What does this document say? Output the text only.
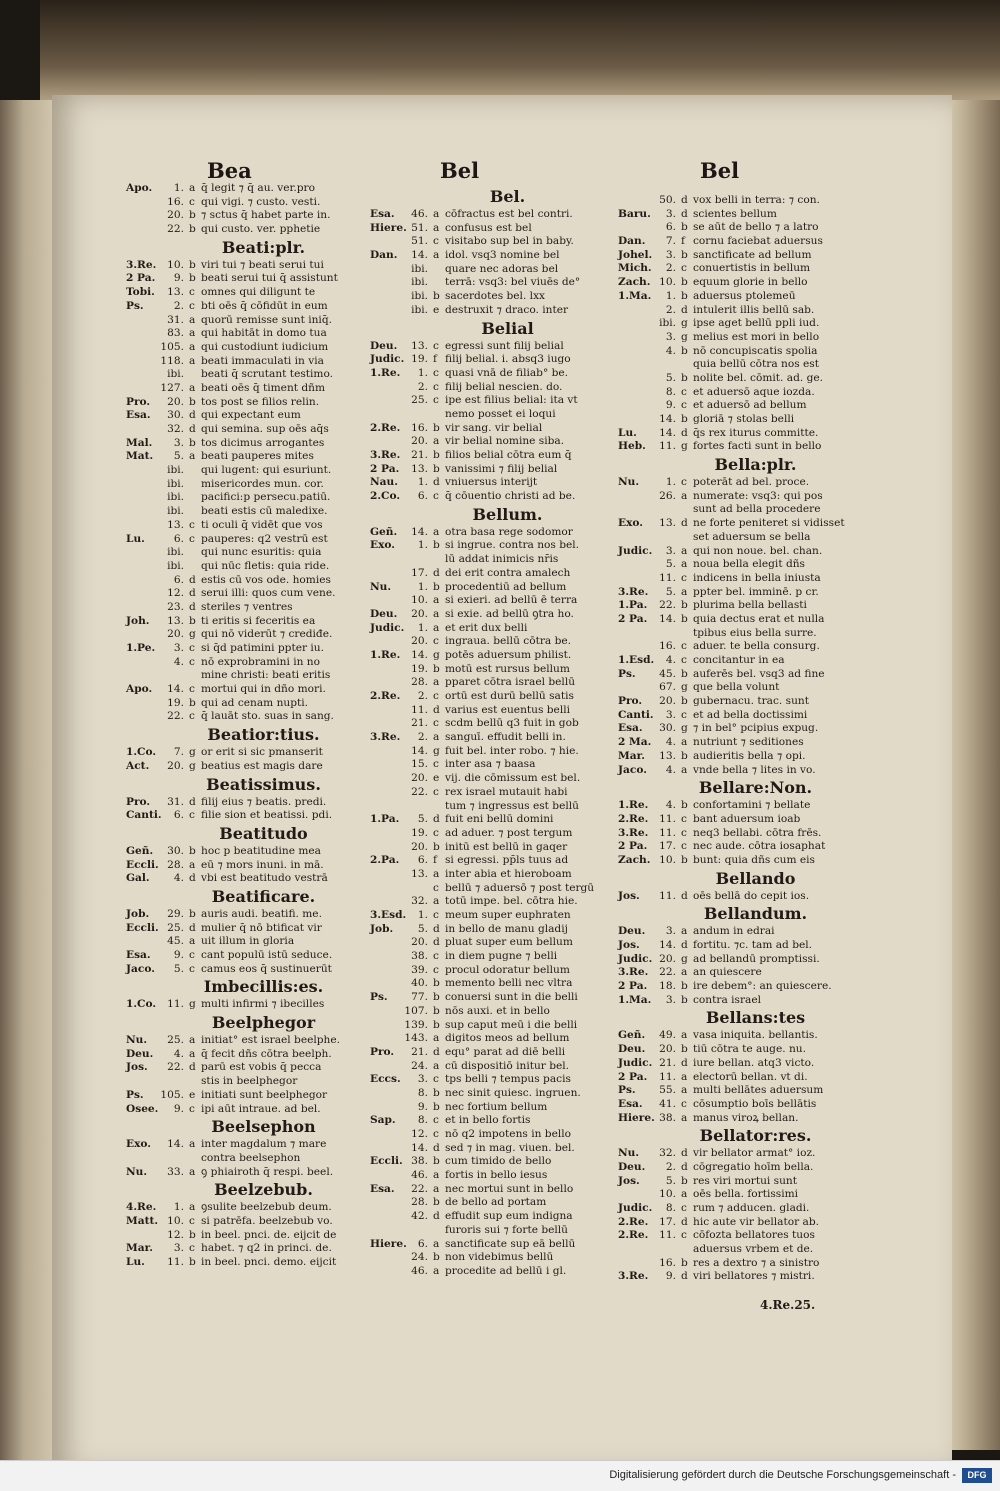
Bea	Bel	Bel
Apo.	1. a q̄ legit ⁊ q̄ au. ver.pro
16. c qui vigi. ⁊ custo. vesti.
20. b ⁊ sctus q̄ habet parte in.
22. b qui custo. ver. pphetie
Beati:plr.
3.Re.	10. b viri tui ⁊ beati serui tui
2 Pa.	9. b beati serui tui q̄ assistunt
Tobi.	13. c omnes qui diligunt te
Ps.	2. c bti oēs q̄ cōfidūt in eum
31. a quorū remisse sunt iniq̄.
83. a qui habitāt in domo tua
105. a qui custodiunt iudicium
118. a beati immaculati in via
ibi.	beati q̄ scrutant testimo.
127. a beati oēs q̄ timent dñm
Pro.	20. b tos post se filios relin.
Esa.	30. d qui expectant eum
32. d qui semina. sup oēs aq̄s
Mal.	3. b tos dicimus arrogantes
Mat.	5. a beati pauperes mites
ibi.	qui lugent: qui esuriunt.
ibi.	misericordes mun. cor.
ibi.	pacifici:p persecu.patiū.
ibi.	beati estis cū maledixe.
13. c ti oculi q̄ vidēt que vos
Lu.	6. c pauperes: q2 vestrū est
ibi.	qui nunc esuritis: quia
ibi.	qui nūc fletis: quia ride.
6. d estis cū vos ode. homies
12. d serui illi: quos cum vene.
23. d steriles ⁊ ventres
Joh.	13. b ti eritis si feceritis ea
20. g qui nō viderūt ⁊ crediđe.
1.Pe.	3. c si q̄d patimini ppter iu.
4. c nō exprobramini in no
mine christi: beati eritis
Apo.	14. c mortui qui in dño mori.
19. b qui ad cenam nupti.
22. c q̄ lauāt sto. suas in sang.
Beatior:tius.
1.Co.	7. g or erit si sic pmanserit
Act.	20. g beatius est magis dare
Beatissimus.
Pro.	31. d filij eius ⁊ beatis. predi.
Canti.	6. c filie sion et beatissi. pdi.
Beatitudo
Geñ.	30. b hoc p beatitudine mea
Eccli. 28. a eū ⁊ mors inuni. in mā.
Gal.	4. d vbi est beatitudo vestrā
Beatificare.
Job.	29. b auris audi. beatifi. me.
Eccli. 25. d mulier q̄ nō btificat vir
45. a uit illum in gloria
Esa.	9. c cant populū istū seduce.
Jaco.	5. c camus eos q̄ sustinuerūt
Imbecillis:es.
1.Co.	11. g multi infirmi ⁊ ibecilles
Beelphegor
Nu.	25. a initiat° est israel beelphe.
Deu.	4. a q̄ fecit dñs cōtra beelph.
Jos.	22. d parū est vobis q̄ pecca
stis in beelphegor
Ps.	105. e initiati sunt beelphegor
Osee.	9. c ipi aūt intraue. ad bel.
Beelsephon
Exo.	14. a inter magdalum ⁊ mare
contra beelsephon
Nu.	33. a ꝯ phiairoth q̄ respi. beel.
Beelzebub.
4.Re.	1. a ꝯsulite beelzebub deum.
Matt. 10. c si patrēfa. beelzebub vo.
12. b in beel. pnci. de. eijcit de
Mar.	3. c habet. ⁊ q2 in princi. de.
Lu.	11. b in beel. pnci. demo. eijcit
Bel.
Esa.	46. a cōfractus est bel contri.
Hiere. 51. a confusus est bel
51. c visitabo sup bel in baby.
Dan.	14. a idol. vsq3 nomine bel
ibi.	quare nec adoras bel
ibi.	terrā: vsq3: bel viuēs de°
ibi. b sacerdotes bel. lxx
ibi. e destruxit ⁊ draco. inter
Belial
Deu.	13. c egressi sunt filij belial
Judic. 19. f filij belial. i. absq3 iugo
1.Re.	1. c quasi vnā de filiab° be.
2. c filij belial nescien. do.
25. c ipe est filius belial: ita vt
nemo posset ei loqui
2.Re.	16. b vir sang. vir belial
20. a vir belial nomine siba.
3.Re.	21. b filios belial cōtra eum q̄
2 Pa.	13. b vanissimi ⁊ filij belial
Nau.	1. d vniuersus interijt
2.Co.	6. c q̄ cōuentio christi ad be.
Bellum.
Geñ.	14. a otra basa rege sodomor
Exo.	1. b si ingrue. contra nos bel.
lū addat inimicis nr̄is
17. d dei erit contra amalech
Nu.	1. b procedentiū ad bellum
10. a si exieri. ad bellū ē terra
Deu.	20. a si exie. ad bellū ꝯtra ho.
Judic.	1. a et erit dux belli
20. c ingraua. bellū cōtra be.
1.Re.	14. g potēs aduersum philist.
19. b motū est rursus bellum
28. a pparet cōtra israel bellū
2.Re.	2. c ortū est durū bellū satis
11. d varius est euentus belli
21. c scdm bellū q3 fuit in gob
3.Re.	2. a sanguī. effudit belli in.
14. g fuit bel. inter robo. ⁊ hie.
15. c inter asa ⁊ baasa
20. e vij. die cōmissum est bel.
22. c rex israel mutauit habi
tum ⁊ ingressus est bellū
1.Pa.	5. d fuit eni bellū domini
19. c ad aduer. ⁊ post tergum
20. b initū est bellū in gaqer
2.Pa.	6. f si egressi. pp̄ls tuus ad
13. a inter abia et hieroboam
c bellū ⁊ aduersō ⁊ post tergū
32. a totū impe. bel. cōtra hie.
3.Esd.	1. c meum super euphraten
Job.	5. d in bello de manu gladij
20. d pluat super eum bellum
38. c in diem pugne ⁊ belli
39. c procul odoratur bellum
40. b memento belli nec vltra
Ps.	77. b conuersi sunt in die belli
107. b nōs auxi. et in bello
139. b sup caput meū i die belli
143. a digitos meos ad bellum
Pro.	21. d equ° parat ad diē belli
24. a cū dispositiō initur bel.
Eccs.	3. c tps belli ⁊ tempus pacis
8. b nec sinit quiesc. ingruen.
9. b nec fortium bellum
Sap.	8. c et in bello fortis
12. c nō q2 impotens in bello
14. d sed ⁊ in mag. viuen. bel.
Eccli. 38. b cum timido de bello
46. a fortis in bello iesus
Esa.	22. a nec mortui sunt in bello
28. b de bello ad portam
42. d effudit sup eum indigna
furoris sui ⁊ forte bellū
Hiere.	6. a sanctificate sup eā bellū
24. b non videbimus bellū
46. a procedite ad bellū i gl.
50. d vox belli in terra: ⁊ con.
Baru.	3. d scientes bellum
6. b se aūt de bello ⁊ a latro
Dan.	7. f cornu faciebat aduersus
Johel.	3. b sanctificate ad bellum
Mich.	2. c conuertistis in bellum
Zach. 10. b equum glorie in bello
1.Ma.	1. b aduersus ptolemeū
2. d intulerit illis bellū sab.
ibi. g ipse aget bellū ppli iud.
3. g melius est mori in bello
4. b nō concupiscatis spolia
quia bellū cōtra nos est
5. b nolite bel. cōmit. ad. ge.
8. c et aduersō aque iozda.
9. c et aduersō ad bellum
14. b gloriā ⁊ stolas belli
Lu.	14. d q̄s rex iturus committe.
Heb.	11. g fortes facti sunt in bello
Bella:plr.
Nu.	1. c poterāt ad bel. proce.
26. a numerate: vsq3: qui pos
sunt ad bella procedere
Exo.	13. d ne forte peniteret si vidisset
set aduersum se bella
Judic.	3. a qui non noue. bel. chan.
5. a noua bella elegit dñs
11. c indicens in bella iniusta
3.Re.	5. a ppter bel. imminē. p cr.
1.Pa.	22. b plurima bella bellasti
2 Pa.	14. b quia dectus erat et nulla
tpibus eius bella surre.
16. c aduer. te bella consurg.
1.Esd.	4. c concitantur in ea
Ps.	45. b auferēs bel. vsq3 ad fine
67. g que bella volunt
Pro.	20. b gubernacu. trac. sunt
Canti.	3. c et ad bella doctissimi
Esa.	30. g ⁊ in bel° pcipius expug.
2 Ma.	4. a nutriunt ⁊ seditiones
Mar.	13. b audieritis bella ⁊ opi.
Jaco.	4. a vnde bella ⁊ lites in vo.
Bellare:Non.
1.Re.	4. b confortamini ⁊ bellate
2.Re.	11. c bant aduersum ioab
3.Re.	11. c neq3 bellabi. cōtra frēs.
2 Pa.	17. c nec aude. cōtra iosaphat
Zach. 10. b bunt: quia dñs cum eis
Bellando
Jos.	11. d oēs bellā do cepit ios.
Bellandum.
Deu.	3. a andum in edrai
Jos.	14. d fortitu. ⁊c. tam ad bel.
Judic. 20. g ad bellandū promptissi.
3.Re.	22. a an quiescere
2 Pa.	18. b ire debem°: an quiescere.
1.Ma.	3. b contra israel
Bellans:tes
Geñ.	49. a vasa iniquita. bellantis.
Deu.	20. b tiū cōtra te auge. nu.
Judic. 21. d iure bellan. atq3 victo.
2 Pa.	11. a electorū bellan. vt di.
Ps.	55. a multi bellātes aduersum
Esa.	41. c cōsumptio boīs bellātis
Hiere. 38. a manus viroꝝ bellan.
Bellator:res.
Nu.	32. d vir bellator armat° ioz.
Deu.	2. d cōgregatio hoīm bella.
Jos.	5. b res viri mortui sunt
10. a oēs bella. fortissimi
Judic.	8. c rum ⁊ adducen. gladi.
2.Re.	17. d hic aute vir bellator ab.
2.Re.	11. c cōfozta bellatores tuos
aduersus vrbem et de.
16. b res a dextro ⁊ a sinistro
3.Re.	9. d viri bellatores ⁊ mistri.
4.Re.25.
Digitalisierung gefördert durch die Deutsche Forschungsgemeinschaft -	DFG
